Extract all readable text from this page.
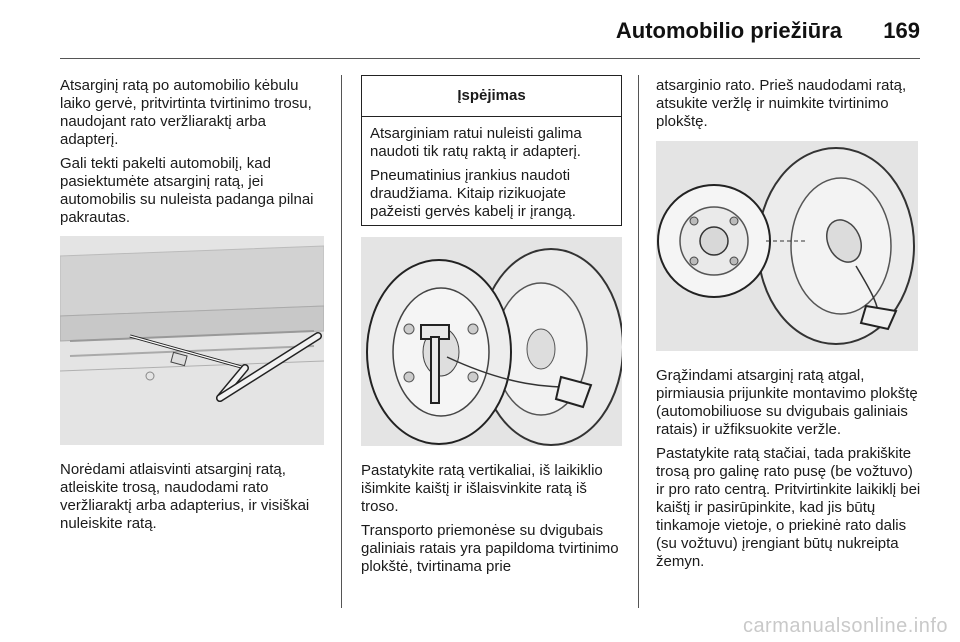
Automobilio priežiūra 169

Atsarginį ratą po automobilio kėbulu laiko gervė, pritvirtinta tvirtinimo trosu, naudojant rato veržliaraktį arba adapterį.

Gali tekti pakelti automobilį, kad pasiektumėte atsarginį ratą, jei automobilis su nuleista padanga pilnai pakrautas.

Norėdami atlaisvinti atsarginį ratą, atleiskite trosą, naudodami rato veržliaraktį arba adapterius, ir visiškai nuleiskite ratą.

Įspėjimas

Atsarginiam ratui nuleisti galima naudoti tik ratų raktą ir adapterį.

Pneumatinius įrankius naudoti draudžiama. Kitaip rizikuojate pažeisti gervės kabelį ir įrangą.

Pastatykite ratą vertikaliai, iš laikiklio išimkite kaištį ir išlaisvinkite ratą iš troso.

Transporto priemonėse su dvigubais galiniais ratais yra papildoma tvirtinimo plokštė, tvirtinama prie

atsarginio rato. Prieš naudodami ratą, atsukite veržlę ir nuimkite tvirtinimo plokštę.

Grąžindami atsarginį ratą atgal, pirmiausia prijunkite montavimo plokštę (automobiliuose su dvigubais galiniais ratais) ir užfiksuokite veržle.

Pastatykite ratą stačiai, tada prakiškite trosą pro galinę rato pusę (be vožtuvo) ir pro rato centrą. Pritvirtinkite laikiklį bei kaištį ir pasirūpinkite, kad jis būtų tinkamoje vietoje, o priekinė rato dalis (su vožtuvu) įrengiant būtų nukreipta žemyn.

carmanualsonline.info
